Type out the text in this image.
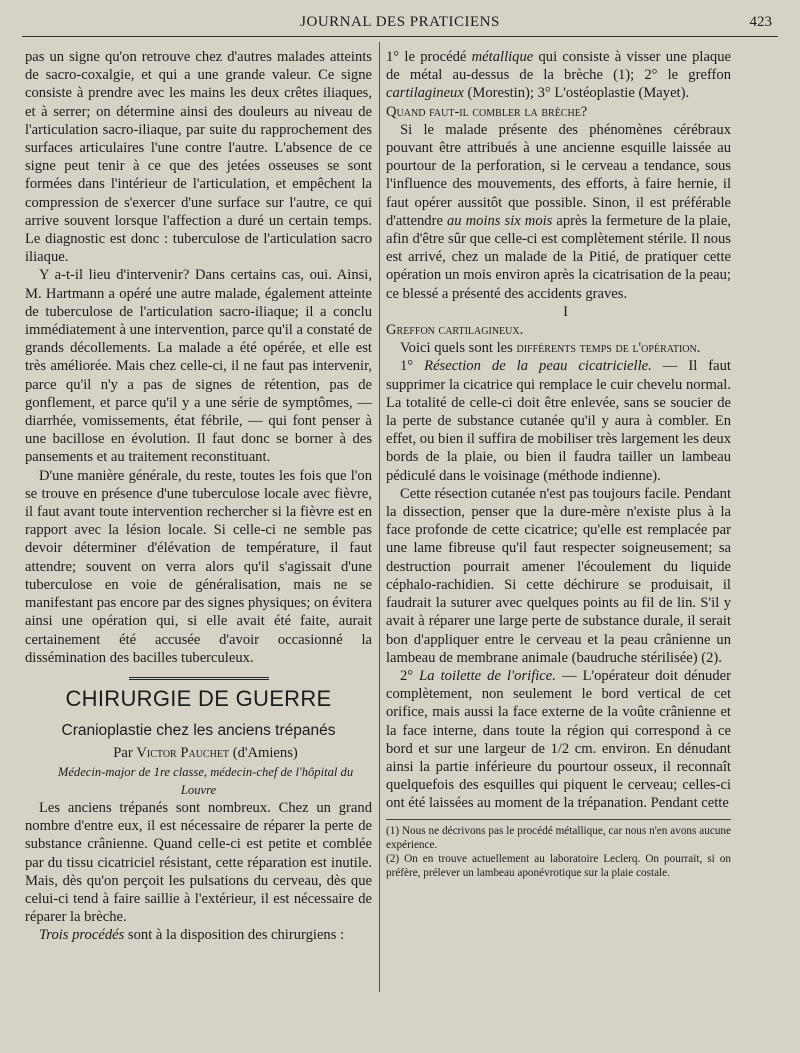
JOURNAL DES PRATICIENS	423

pas un signe qu'on retrouve chez d'autres malades atteints de sacro-coxalgie, et qui a une grande valeur. Ce signe consiste à prendre avec les mains les deux crêtes iliaques, et à serrer; on détermine ainsi des douleurs au niveau de l'articulation sacro-iliaque, par suite du rapprochement des surfaces articulaires l'une contre l'autre. L'absence de ce signe peut tenir à ce que des jetées osseuses se sont formées dans l'intérieur de l'articulation, et empêchent la compression de s'exercer d'une surface sur l'autre, ce qui arrive souvent lorsque l'affection a duré un certain temps. Le diagnostic est donc : tuberculose de l'articulation sacro iliaque.

Y a-t-il lieu d'intervenir? Dans certains cas, oui. Ainsi, M. Hartmann a opéré une autre malade, également atteinte de tuberculose de l'articulation sacro-iliaque; il a conclu immédiatement à une intervention, parce qu'il a constaté de grands décollements. La malade a été opérée, et elle est très améliorée. Mais chez celle-ci, il ne faut pas intervenir, parce qu'il n'y a pas de signes de rétention, pas de gonflement, et parce qu'il y a une série de symptômes, — diarrhée, vomissements, état fébrile, — qui font penser à une bacillose en évolution. Il faut donc se borner à des pansements et au traitement reconstituant.

D'une manière générale, du reste, toutes les fois que l'on se trouve en présence d'une tuberculose locale avec fièvre, il faut avant toute intervention rechercher si la fièvre est en rapport avec la lésion locale. Si celle-ci ne semble pas devoir déterminer d'élévation de température, il faut attendre; souvent on verra alors qu'il s'agissait d'une tuberculose en voie de généralisation, mais ne se manifestant pas encore par des signes physiques; on évitera ainsi une opération qui, si elle avait été faite, aurait certainement été accusée d'avoir occasionné la dissémination des bacilles tuberculeux.

CHIRURGIE DE GUERRE
Cranioplastie chez les anciens trépanés

Par Victor Pauchet (d'Amiens)

Médecin-major de 1re classe, médecin-chef de l'hôpital du Louvre

Les anciens trépanés sont nombreux. Chez un grand nombre d'entre eux, il est nécessaire de réparer la perte de substance crânienne. Quand celle-ci est petite et comblée par du tissu cicatriciel résistant, cette réparation est inutile. Mais, dès qu'on perçoit les pulsations du cerveau, dès que celui-ci tend à faire saillie à l'extérieur, il est nécessaire de réparer la brèche.

Trois procédés sont à la disposition des chirurgiens :

1° le procédé métallique qui consiste à visser une plaque de métal au-dessus de la brèche (1); 2° le greffon cartilagineux (Morestin); 3° L'ostéoplastie (Mayet).

Quand faut-il combler la brèche?

Si le malade présente des phénomènes cérébraux pouvant être attribués à une ancienne esquille laissée au pourtour de la perforation, si le cerveau a tendance, sous l'influence des mouvements, des efforts, à faire hernie, il faut opérer aussitôt que possible. Sinon, il est préférable d'attendre au moins six mois après la fermeture de la plaie, afin d'être sûr que celle-ci est complètement stérile. Il nous est arrivé, chez un malade de la Pitié, de pratiquer cette opération un mois environ après la cicatrisation de la peau; ce blessé a présenté des accidents graves.

I

Greffon cartilagineux.

Voici quels sont les différents temps de l'opération.

1° Résection de la peau cicatricielle. — Il faut supprimer la cicatrice qui remplace le cuir chevelu normal. La totalité de celle-ci doit être enlevée, sans se soucier de la perte de substance cutanée qu'il y aura à combler. En effet, ou bien il suffira de mobiliser très largement les deux bords de la plaie, ou bien il faudra tailler un lambeau pédiculé dans le voisinage (méthode indienne).

Cette résection cutanée n'est pas toujours facile. Pendant la dissection, penser que la dure-mère n'existe plus à la face profonde de cette cicatrice; qu'elle est remplacée par une lame fibreuse qu'il faut respecter soigneusement; sa destruction pourrait amener l'écoulement du liquide céphalo-rachidien. Si cette déchirure se produisait, il faudrait la suturer avec quelques points au fil de lin. S'il y avait à réparer une large perte de substance durale, il serait bon d'appliquer entre le cerveau et la peau crânienne un lambeau de membrane animale (baudruche stérilisée) (2).

2° La toilette de l'orifice. — L'opérateur doit dénuder complètement, non seulement le bord vertical de cet orifice, mais aussi la face externe de la voûte crânienne et la face interne, dans toute la région qui correspond à ce bord et sur une largeur de 1/2 cm. environ. En dénudant ainsi la partie inférieure du pourtour osseux, il reconnaît quelquefois des esquilles qui piquent le cerveau; celles-ci ont été laissées au moment de la trépanation. Pendant cette

(1) Nous ne décrivons pas le procédé métallique, car nous n'en avons aucune expérience.

(2) On en trouve actuellement au laboratoire Leclerq. On pourrait, si on préfère, prélever un lambeau aponévrotique sur la plaie costale.
